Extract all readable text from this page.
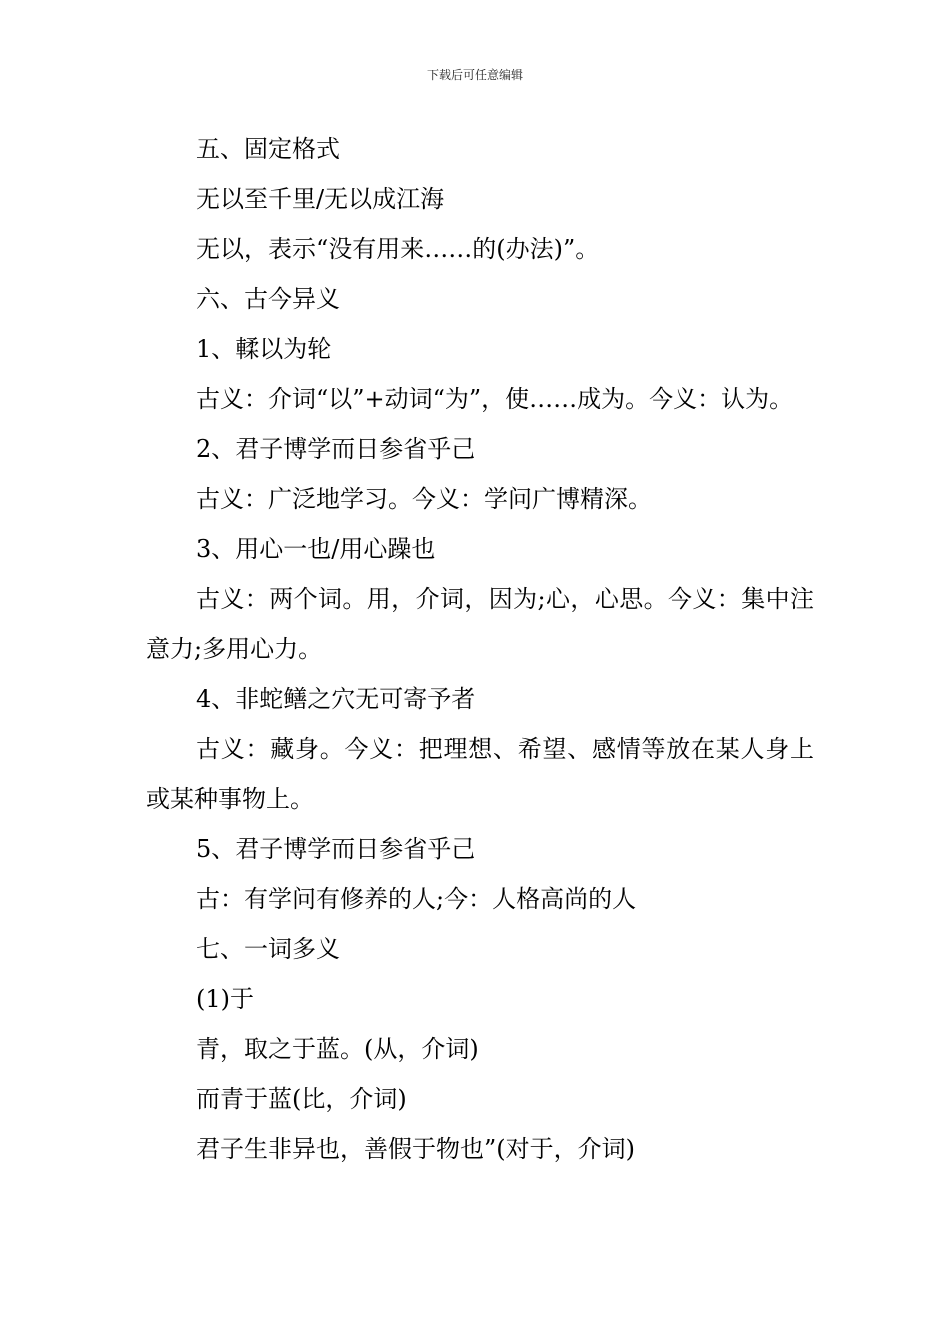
下载后可任意编辑

五、固定格式

无以至千里/无以成江海

无以，表示“没有用来……的(办法)”。

六、古今异义

1、輮以为轮

古义：介词“以”+动词“为”，使……成为。今义：认为。

2、君子博学而日参省乎己

古义：广泛地学习。今义：学问广博精深。

3、用心一也/用心躁也

古义：两个词。用，介词，因为;心，心思。今义：集中注意力;多用心力。

4、非蛇鳝之穴无可寄予者

古义：藏身。今义：把理想、希望、感情等放在某人身上或某种事物上。

5、君子博学而日参省乎己

古：有学问有修养的人;今：人格高尚的人

七、一词多义

(1)于

青，取之于蓝。(从，介词)

而青于蓝(比，介词)

君子生非异也，善假于物也”(对于，介词)
